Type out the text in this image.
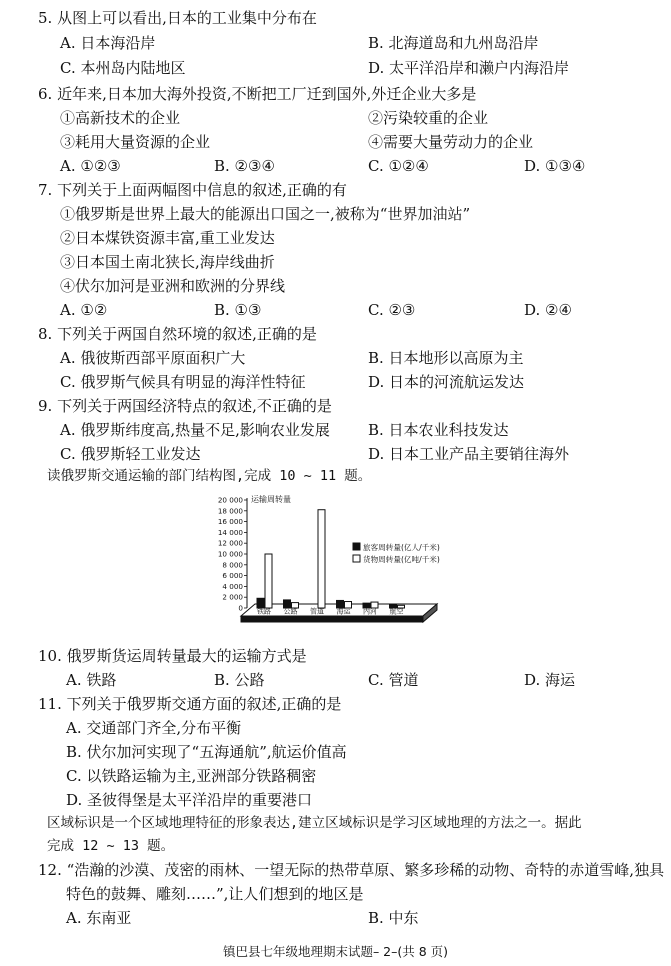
5. 从图上可以看出,日本的工业集中分布在
A. 日本海沿岸	B. 北海道岛和九州岛沿岸
C. 本州岛内陆地区	D. 太平洋沿岸和濑户内海沿岸
6. 近年来,日本加大海外投资,不断把工厂迁到国外,外迁企业大多是
①高新技术的企业	②污染较重的企业
③耗用大量资源的企业	④需要大量劳动力的企业
A. ①②③	B. ②③④	C. ①②④	D. ①③④
7. 下列关于上面两幅图中信息的叙述,正确的有
①俄罗斯是世界上最大的能源出口国之一,被称为“世界加油站”
②日本煤铁资源丰富,重工业发达
③日本国土南北狭长,海岸线曲折
④伏尔加河是亚洲和欧洲的分界线
A. ①②	B. ①③	C. ②③	D. ②④
8. 下列关于两国自然环境的叙述,正确的是
A. 俄彼斯西部平原面积广大	B. 日本地形以高原为主
C. 俄罗斯气候具有明显的海洋性特征	D. 日本的河流航运发达
9. 下列关于两国经济特点的叙述,不正确的是
A. 俄罗斯纬度高,热量不足,影响农业发展	B. 日本农业科技发达
C. 俄罗斯轻工业发达	D. 日本工业产品主要销往海外
读俄罗斯交通运输的部门结构图,完成 10 ~ 11 题。
20 000
18 000
16 000
14 000
12 000
10 000
8 000
6 000
4 000
2 000
0
运输周转量
铁路 公路 管道 海运 内河 航空
旅客周转量(亿人/千米)
货物周转量(亿吨/千米)
10. 俄罗斯货运周转量最大的运输方式是
A. 铁路	B. 公路	C. 管道	D. 海运
11. 下列关于俄罗斯交通方面的叙述,正确的是
A. 交通部门齐全,分布平衡
B. 伏尔加河实现了“五海通航”,航运价值高
C. 以铁路运输为主,亚洲部分铁路稠密
D. 圣彼得堡是太平洋沿岸的重要港口
区域标识是一个区域地理特征的形象表达,建立区域标识是学习区域地理的方法之一。据此
完成 12 ~ 13 题。
12. “浩瀚的沙漠、茂密的雨林、一望无际的热带草原、繁多珍稀的动物、奇特的赤道雪峰,独具
特色的鼓舞、雕刻……”,让人们想到的地区是
A. 东南亚	B. 中东
镇巴县七年级地理期末试题– 2–(共 8 页)
